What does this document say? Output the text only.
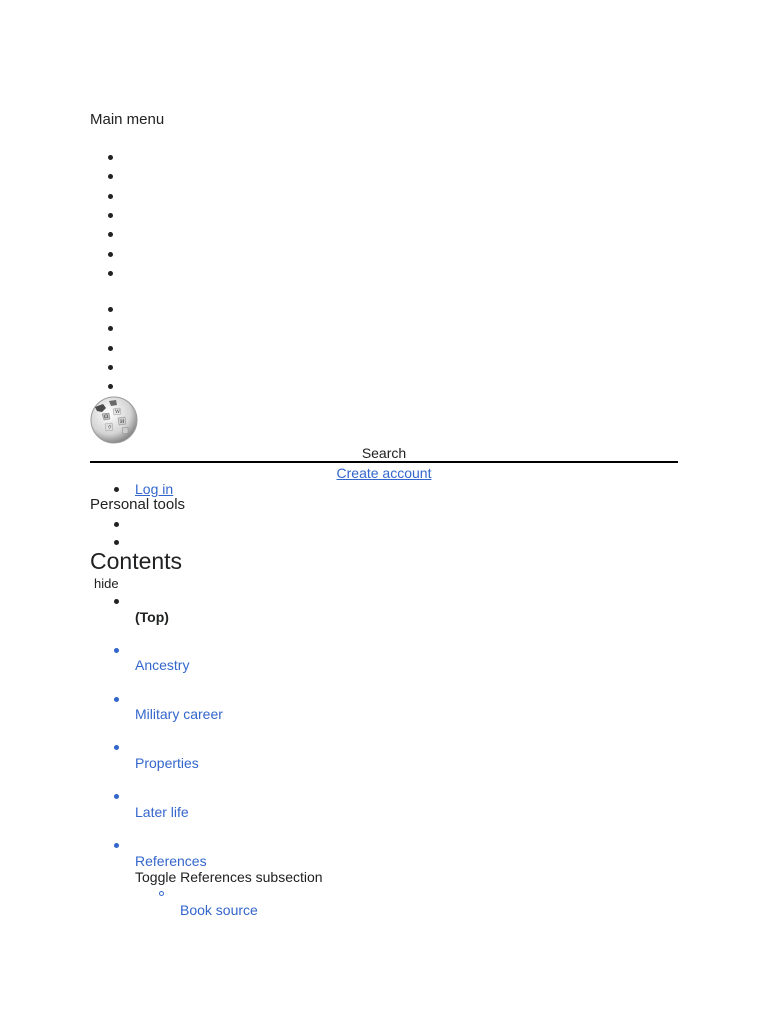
Main menu
Ω
W
И
ウ
Search
Create account
Log in
Personal tools
Contents
hide
(Top)
Ancestry
Military career
Properties
Later life
References
Toggle References subsection
Book source
